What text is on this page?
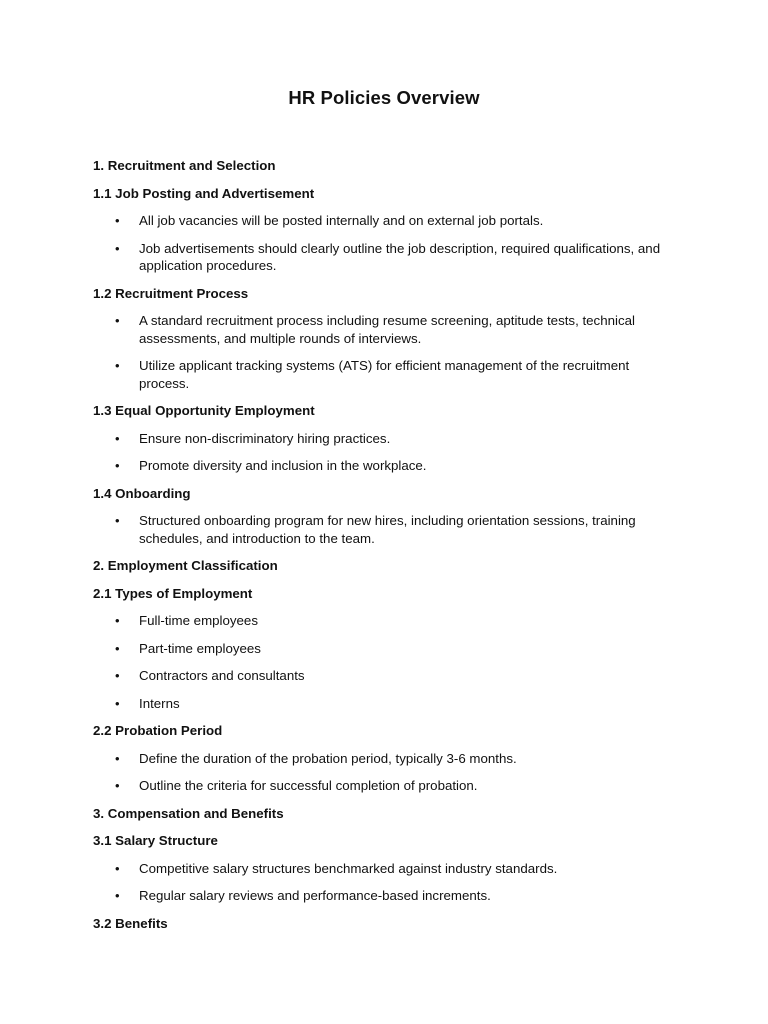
HR Policies Overview
1. Recruitment and Selection
1.1 Job Posting and Advertisement
• All job vacancies will be posted internally and on external job portals.
• Job advertisements should clearly outline the job description, required qualifications, and application procedures.
1.2 Recruitment Process
• A standard recruitment process including resume screening, aptitude tests, technical assessments, and multiple rounds of interviews.
• Utilize applicant tracking systems (ATS) for efficient management of the recruitment process.
1.3 Equal Opportunity Employment
• Ensure non-discriminatory hiring practices.
• Promote diversity and inclusion in the workplace.
1.4 Onboarding
• Structured onboarding program for new hires, including orientation sessions, training schedules, and introduction to the team.
2. Employment Classification
2.1 Types of Employment
• Full-time employees
• Part-time employees
• Contractors and consultants
• Interns
2.2 Probation Period
• Define the duration of the probation period, typically 3-6 months.
• Outline the criteria for successful completion of probation.
3. Compensation and Benefits
3.1 Salary Structure
• Competitive salary structures benchmarked against industry standards.
• Regular salary reviews and performance-based increments.
3.2 Benefits
